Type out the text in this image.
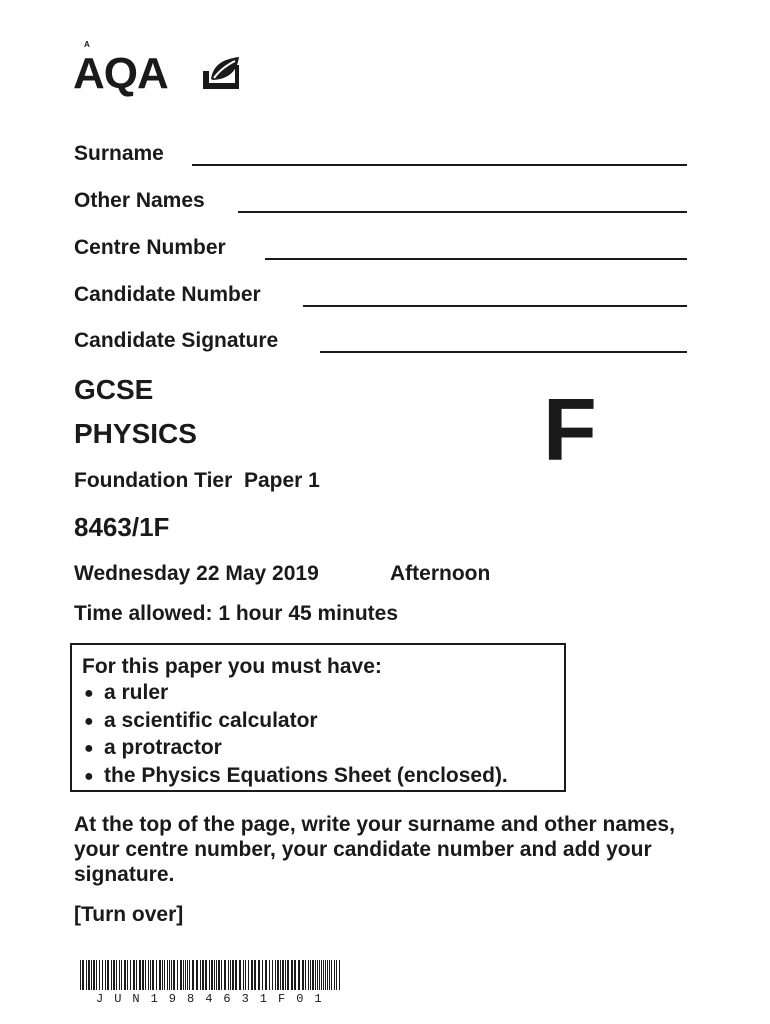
A
AQA
Surname
Other Names
Centre Number
Candidate Number
Candidate Signature
GCSE
PHYSICS	F
Foundation Tier  Paper 1
8463/1F
Wednesday 22 May 2019	Afternoon
Time allowed: 1 hour 45 minutes
For this paper you must have:
● a ruler
● a scientific calculator
● a protractor
● the Physics Equations Sheet (enclosed).
At the top of the page, write your surname and other names, your centre number, your candidate number and add your signature.
[Turn over]
JUN1984631F01
